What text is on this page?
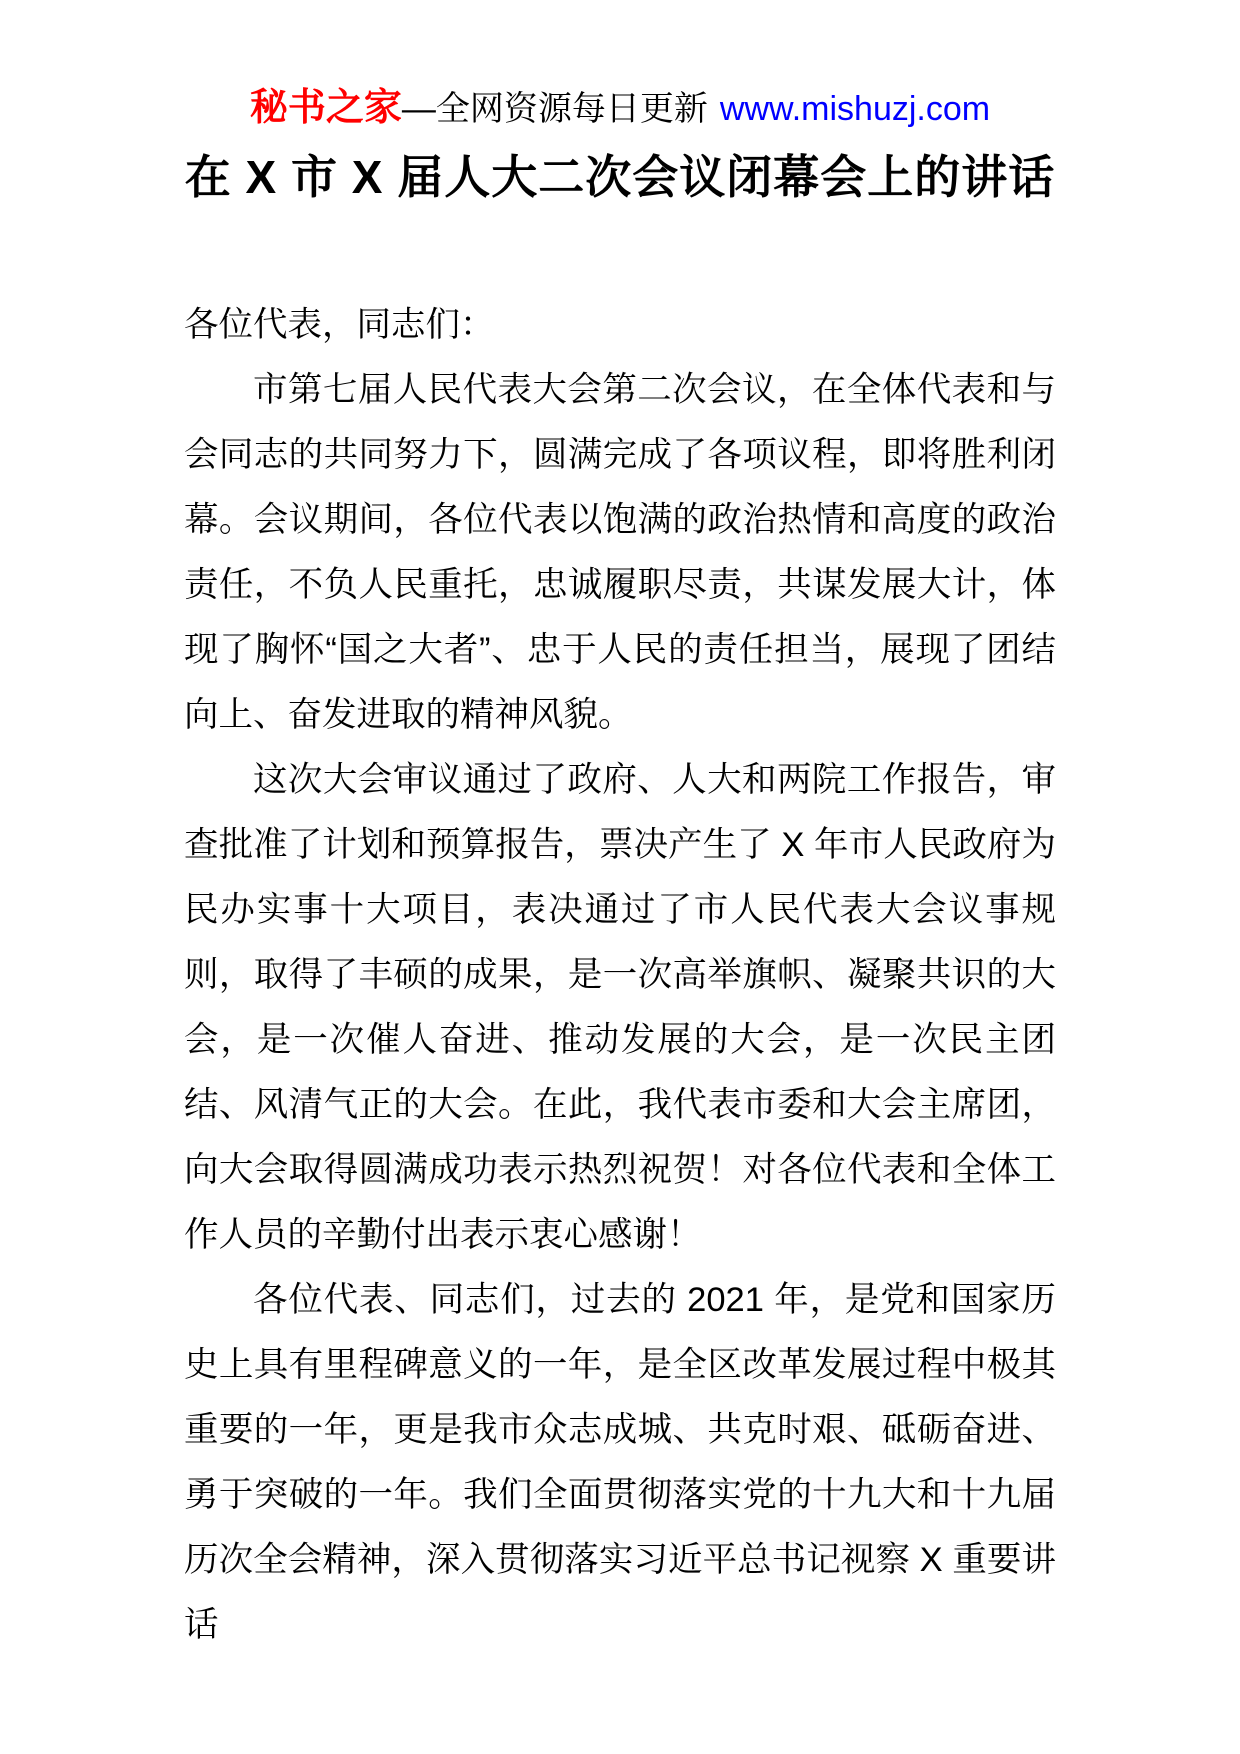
秘书之家—全网资源每日更新 www.mishuzj.com
在 X 市 X 届人大二次会议闭幕会上的讲话

各位代表，同志们：

市第七届人民代表大会第二次会议，在全体代表和与会同志的共同努力下，圆满完成了各项议程，即将胜利闭幕。会议期间，各位代表以饱满的政治热情和高度的政治责任，不负人民重托，忠诚履职尽责，共谋发展大计，体现了胸怀“国之大者”、忠于人民的责任担当，展现了团结向上、奋发进取的精神风貌。

这次大会审议通过了政府、人大和两院工作报告，审查批准了计划和预算报告，票决产生了 X 年市人民政府为民办实事十大项目，表决通过了市人民代表大会议事规则，取得了丰硕的成果，是一次高举旗帜、凝聚共识的大会，是一次催人奋进、推动发展的大会，是一次民主团结、风清气正的大会。在此，我代表市委和大会主席团，向大会取得圆满成功表示热烈祝贺！对各位代表和全体工作人员的辛勤付出表示衷心感谢！

各位代表、同志们，过去的 2021 年，是党和国家历史上具有里程碑意义的一年，是全区改革发展过程中极其重要的一年，更是我市众志成城、共克时艰、砥砺奋进、勇于突破的一年。我们全面贯彻落实党的十九大和十九届历次全会精神，深入贯彻落实习近平总书记视察 X 重要讲话
